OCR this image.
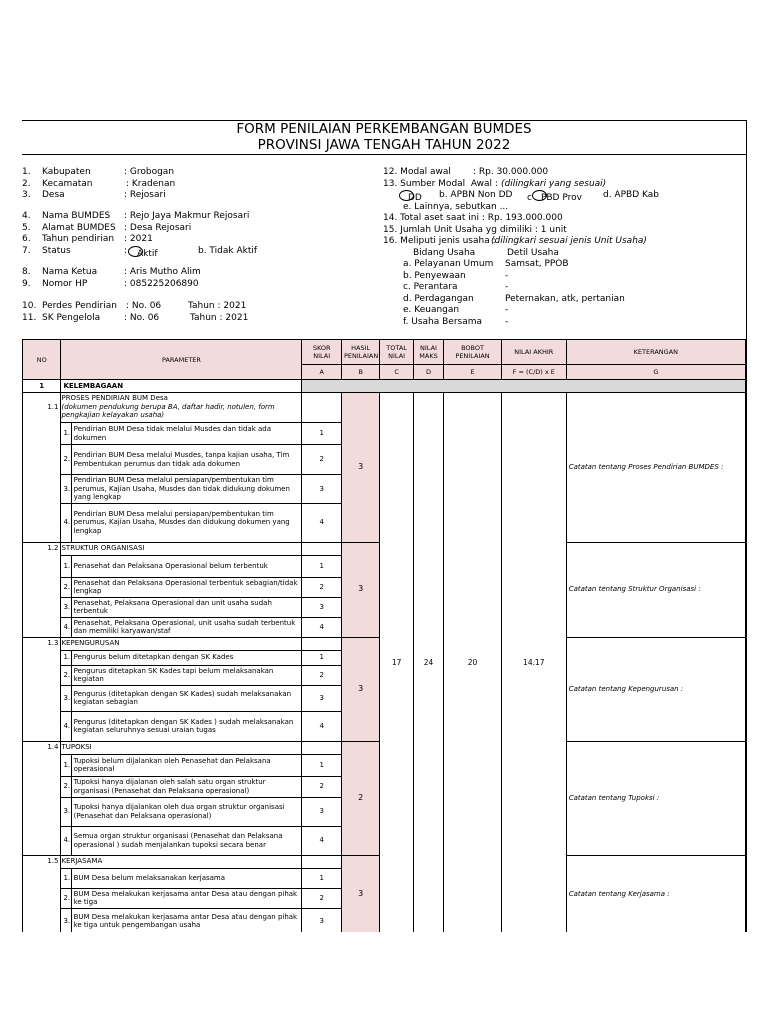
FORM PENILAIAN PERKEMBANGAN BUMDES
PROVINSI JAWA TENGAH TAHUN 2022

1. Kabupaten	: Grobogan

2. Kecamatan	: Kradenan

3. Desa	: Rejosari

4. Nama BUMDES : Rejo Jaya Makmur Rejosari

5. Alamat BUMDES : Desa Rejosari

6. Tahun pendirian : 2021

7. Status	:

	Aktif

	b. Tidak Aktif

8. Nama Ketua	: Aris Mutho Alim

9. Nomor HP	: 085225206890

10. Perdes Pendirian : No. 06	Tahun : 2021

11. SK Pengelola	: No. 06	Tahun : 2021

12. Modal awal : Rp. 30.000.000

13. Sumber Modal  Awal : (dilingkari yang sesuai)

DD

b. APBN Non DD

c PBD Prov

d. APBD Kab

e. Lainnya, sebutkan ...

14. Total aset saat ini : Rp. 193.000.000

15. Jumlah Unit Usaha yg dimiliki : 1 unit

16. Meliputi jenis usaha :
(dilingkari sesuai jenis Unit Usaha)

Bidang Usaha	Detil Usaha

a. Pelayanan Umum Samsat, PPOB

b. Penyewaan	-

c. Perantara	-

d. Perdagangan	Peternakan, atk, pertanian

e. Keuangan	-

f. Usaha Bersama	-

NO	PARAMETER		SKOR NILAI	HASIL PENILAIAN	TOTAL NILAI	NILAI MAKS	BOBOT PENILAIAN	NILAI AKHIR	KETERANGAN
			A	B	C	D	E	F = (C/D) x E	G
1	KELEMBAGAAN								
1.1	PROSES PENDIRIAN BUM Desa
(dokumen pendukung berupa BA, daftar hadir, notulen, form pengkajian kelayakan usaha)			3	17	24	20	14.17	Catatan tentang Proses Pendirian BUMDES :
	1.	Pendirian BUM Desa tidak melalui Musdes dan tidak ada dokumen	1						
	2.	Pendirian BUM Desa melalui Musdes, tanpa kajian usaha, Tim Pembentukan perumus dan tidak ada dokumen	2						
	3.	Pendirian BUM Desa melalui persiapan/pembentukan tim perumus, Kajian Usaha, Musdes dan tidak didukung dokumen yang lengkap	3						
	4.	Pendirian BUM Desa melalui persiapan/pembentukan tim perumus, Kajian Usaha, Musdes dan didukung dokumen yang lengkap	4						
1.2	STRUKTUR ORGANISASI			3					Catatan tentang Struktur Organisasi :
	1.	Penasehat dan Pelaksana Operasional belum terbentuk	1						
	2.	Penasehat dan Pelaksana Operasional terbentuk sebagian/tidak lengkap	2						
	3.	Penasehat, Pelaksana Operasional dan unit usaha sudah terbentuk	3						
	4.	Penasehat, Pelaksana Operasional, unit usaha sudah terbentuk dan memiliki karyawan/staf	4						
1.3	KEPENGURUSAN			3					Catatan tentang Kepengurusan :
	1.	Pengurus belum ditetapkan dengan SK Kades	1						
	2.	Pengurus ditetapkan SK Kades tapi belum melaksanakan kegiatan	2						
	3.	Pengurus (ditetapkan dengan SK Kades) sudah melaksanakan kegiatan sebagian	3						
	4.	Pengurus (ditetapkan dengan SK Kades ) sudah melaksanakan kegiatan seluruhnya sesuai uraian tugas	4						
1.4	TUPOKSI			2					Catatan tentang Tupoksi :
	1.	Tupoksi belum dijalankan oleh Penasehat dan Pelaksana operasional	1						
	2.	Tupoksi hanya dijalanan oleh salah satu organ struktur organisasi (Penasehat dan Pelaksana operasional)	2						
	3.	Tupoksi hanya dijalankan oleh dua organ struktur organisasi (Penasehat dan Pelaksana operasional)	3						
	4.	Semua organ struktur organisasi (Penasehat dan Pelaksana operasional ) sudah menjalankan tupoksi secara benar	4						
1.5	KERJASAMA			3					Catatan tentang Kerjasama :
	1.	BUM Desa belum melaksanakan kerjasama	1						
	2.	BUM Desa melakukan kerjasama antar Desa atau dengan pihak ke tiga	2						
	3.	BUM Desa melakukan kerjasama antar Desa atau dengan pihak ke tiga untuk pengembangan usaha	3						
